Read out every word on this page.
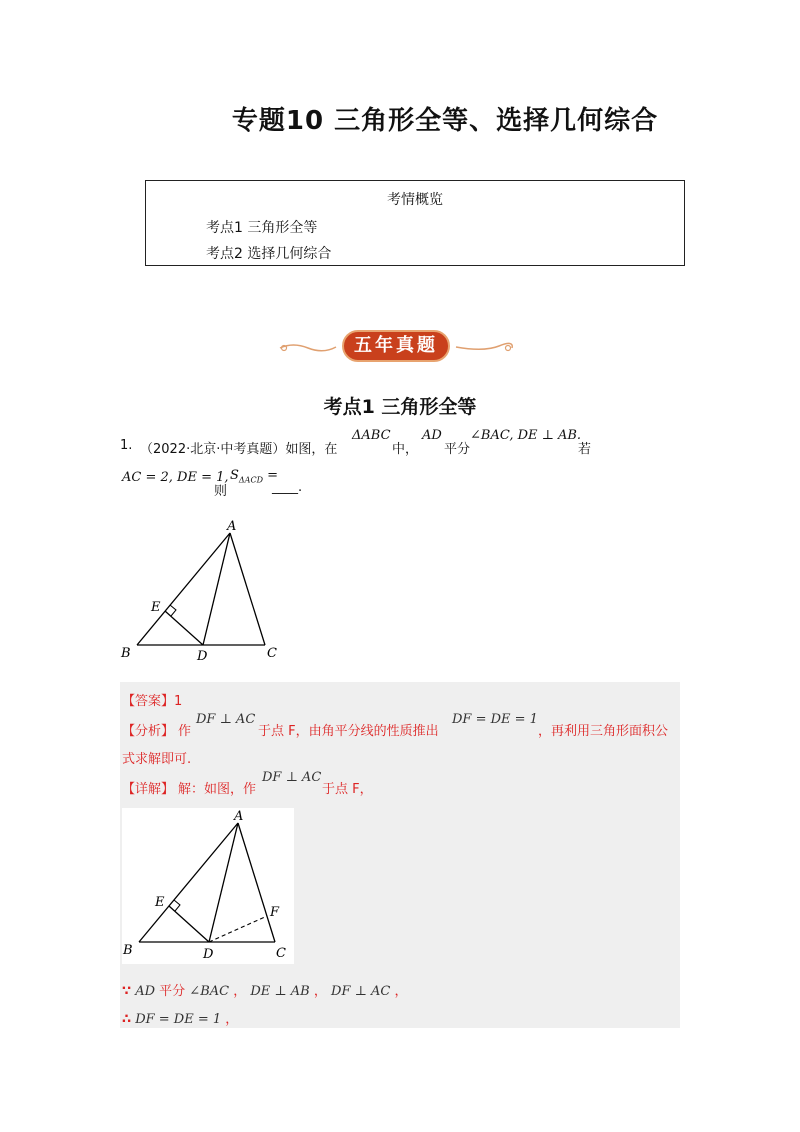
专题10 三角形全等、选择几何综合
考情概览
考点1 三角形全等
考点2 选择几何综合
五年真题
考点1 三角形全等
1. （2022·北京·中考真题）如图，在
ΔABC
中，
AD
平分
∠BAC, DE ⊥ AB.
若
AC = 2, DE = 1,
则
$S_{\Delta ACD}$ =
____.
A
B	C
D
E
【答案】1
【分析】 作
DF ⊥ AC
于点 F，由角平分线的性质推出
DF = DE = 1
，再利用三角形面积公
式求解即可.
【详解】 解：如图，作
DF ⊥ AC
于点 F，
A
B	C
D
E
F
∵ AD 平分 ∠BAC ， DE ⊥ AB ， DF ⊥ AC ，
∴ DF = DE = 1 ，
